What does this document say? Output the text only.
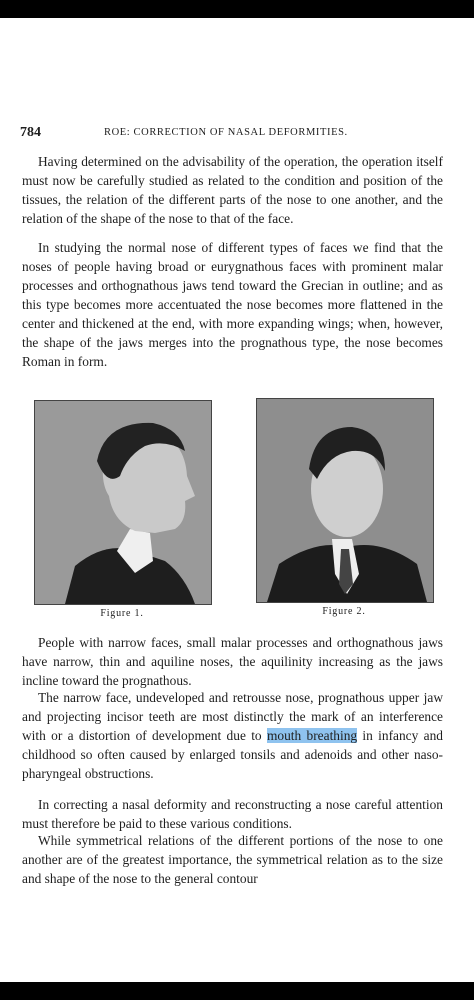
784	ROE: CORRECTION OF NASAL DEFORMITIES.

Having determined on the advisability of the operation, the operation itself must now be carefully studied as related to the condition and position of the tissues, the relation of the different parts of the nose to one another, and the relation of the shape of the nose to that of the face.

In studying the normal nose of different types of faces we find that the noses of people having broad or eurygnathous faces with prominent malar processes and orthognathous jaws tend toward the Grecian in outline; and as this type becomes more accentuated the nose becomes more flattened in the center and thickened at the end, with more expanding wings; when, however, the shape of the jaws merges into the prognathous type, the nose becomes Roman in form.

Figure 1.	Figure 2.

People with narrow faces, small malar processes and orthognathous jaws have narrow, thin and aquiline noses, the aquilinity increasing as the jaws incline toward the prognathous.

The narrow face, undeveloped and retrousse nose, prognathous upper jaw and projecting incisor teeth are most distinctly the mark of an interference with or a distortion of development due to mouth breathing in infancy and childhood so often caused by enlarged tonsils and adenoids and other naso-pharyngeal obstructions.

In correcting a nasal deformity and reconstructing a nose careful attention must therefore be paid to these various conditions.

While symmetrical relations of the different portions of the nose to one another are of the greatest importance, the symmetrical relation as to the size and shape of the nose to the general contour
